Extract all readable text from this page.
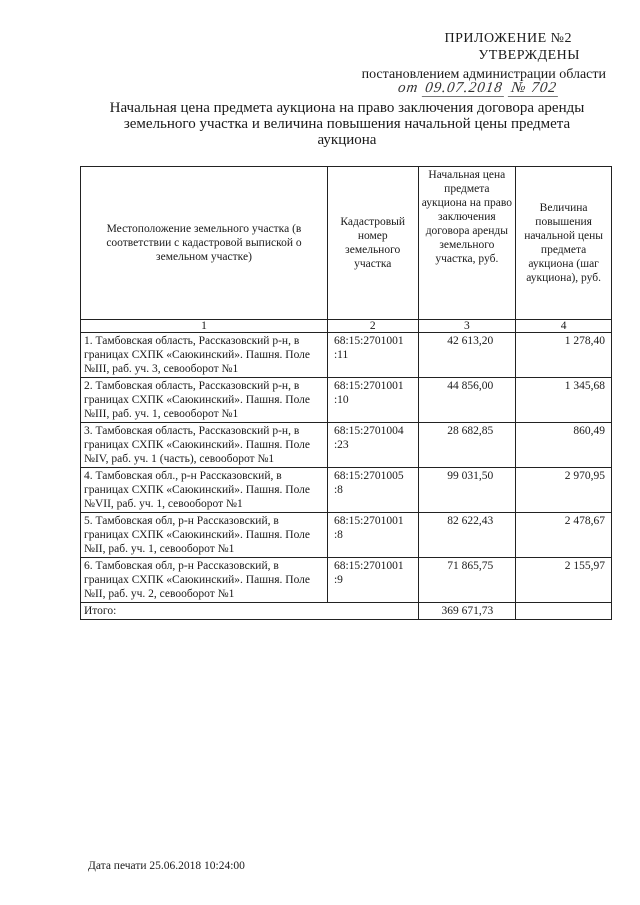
ПРИЛОЖЕНИЕ №2
УТВЕРЖДЕНЫ
постановлением администрации области
от 09.07.2018 № 702
Начальная цена предмета аукциона на право заключения договора аренды земельного участка и величина повышения начальной цены предмета аукциона
Местоположение земельного участка (в соответствии с кадастровой выпиской о земельном участке)	Кадастровый номер земельного участка	Начальная цена предмета аукциона на право заключения договора аренды земельного участка, руб.	Величина повышения начальной цены предмета аукциона (шаг аукциона), руб.
1	2	3	4
1. Тамбовская область, Рассказовский р-н, в границах СХПК «Саюкинский». Пашня. Поле №III, раб. уч. 3, севооборот №1	68:15:2701001 :11	42 613,20	1 278,40
2. Тамбовская область, Рассказовский р-н, в границах СХПК «Саюкинский». Пашня. Поле №III, раб. уч. 1, севооборот №1	68:15:2701001 :10	44 856,00	1 345,68
3. Тамбовская область, Рассказовский р-н, в границах СХПК «Саюкинский». Пашня. Поле №IV, раб. уч. 1 (часть), севооборот №1	68:15:2701004 :23	28 682,85	860,49
4. Тамбовская обл., р-н Рассказовский, в границах СХПК «Саюкинский». Пашня. Поле №VII, раб. уч. 1, севооборот №1	68:15:2701005 :8	99 031,50	2 970,95
5. Тамбовская обл, р-н Рассказовский, в границах СХПК «Саюкинский». Пашня. Поле №II, раб. уч. 1, севооборот №1	68:15:2701001 :8	82 622,43	2 478,67
6. Тамбовская обл, р-н Рассказовский, в границах СХПК «Саюкинский». Пашня. Поле №II, раб. уч. 2, севооборот №1	68:15:2701001 :9	71 865,75	2 155,97
Итого:		369 671,73	
Дата печати 25.06.2018 10:24:00
